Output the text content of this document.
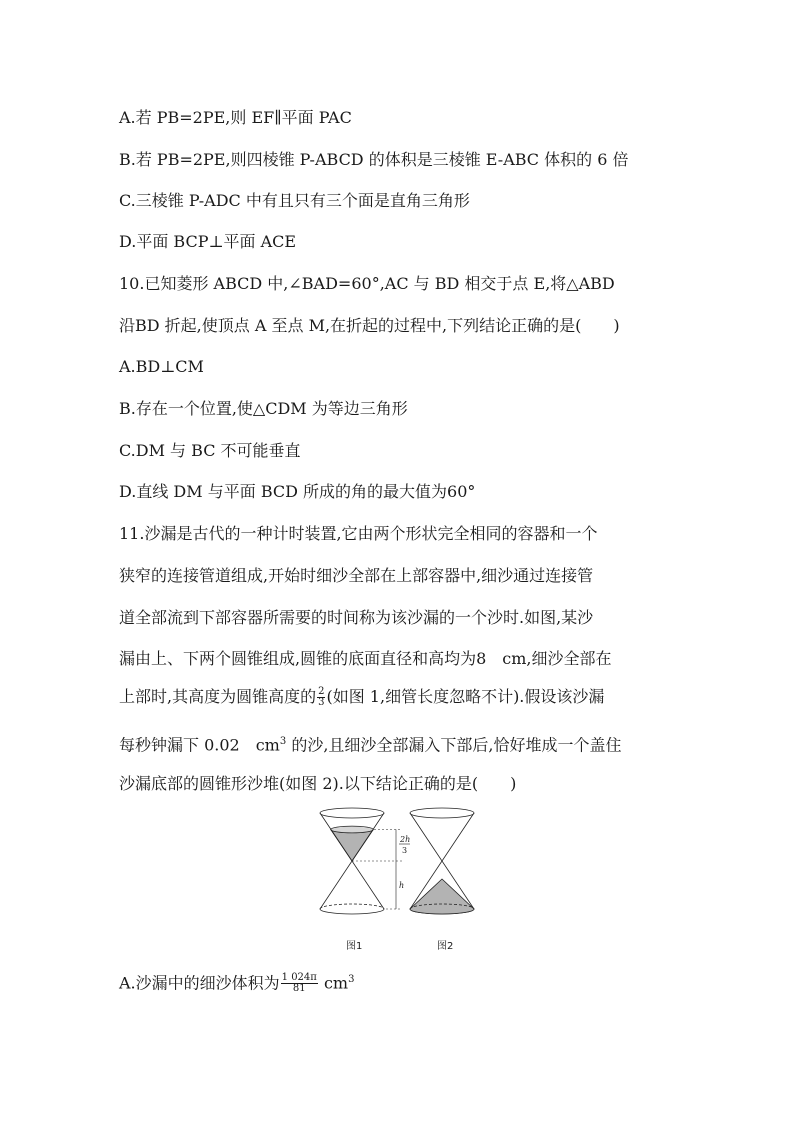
A.若 PB=2PE,则 EF∥平面 PAC
B.若 PB=2PE,则四棱锥 P-ABCD 的体积是三棱锥 E-ABC 体积的 6 倍
C.三棱锥 P-ADC 中有且只有三个面是直角三角形
D.平面 BCP⊥平面 ACE
10.已知菱形 ABCD 中,∠BAD=60°,AC 与 BD 相交于点 E,将△ABD
沿BD 折起,使顶点 A 至点 M,在折起的过程中,下列结论正确的是(　　)
A.BD⊥CM
B.存在一个位置,使△CDM 为等边三角形
C.DM 与 BC 不可能垂直
D.直线 DM 与平面 BCD 所成的角的最大值为60°
11.沙漏是古代的一种计时装置,它由两个形状完全相同的容器和一个
狭窄的连接管道组成,开始时细沙全部在上部容器中,细沙通过连接管
道全部流到下部容器所需要的时间称为该沙漏的一个沙时.如图,某沙
漏由上、下两个圆锥组成,圆锥的底面直径和高均为8　cm,细沙全部在
上部时,其高度为圆锥高度的 $\frac{2}{3}$ (如图 1,细管长度忽略不计).假设该沙漏
每秒钟漏下 0.02　$cm^3$ 的沙,且细沙全部漏入下部后,恰好堆成一个盖住
沙漏底部的圆锥形沙堆(如图 2).以下结论正确的是(　　)
2h
3
h
图1	图2
A.沙漏中的细沙体积为 $\frac{1 024\pi}{81} cm^3$
